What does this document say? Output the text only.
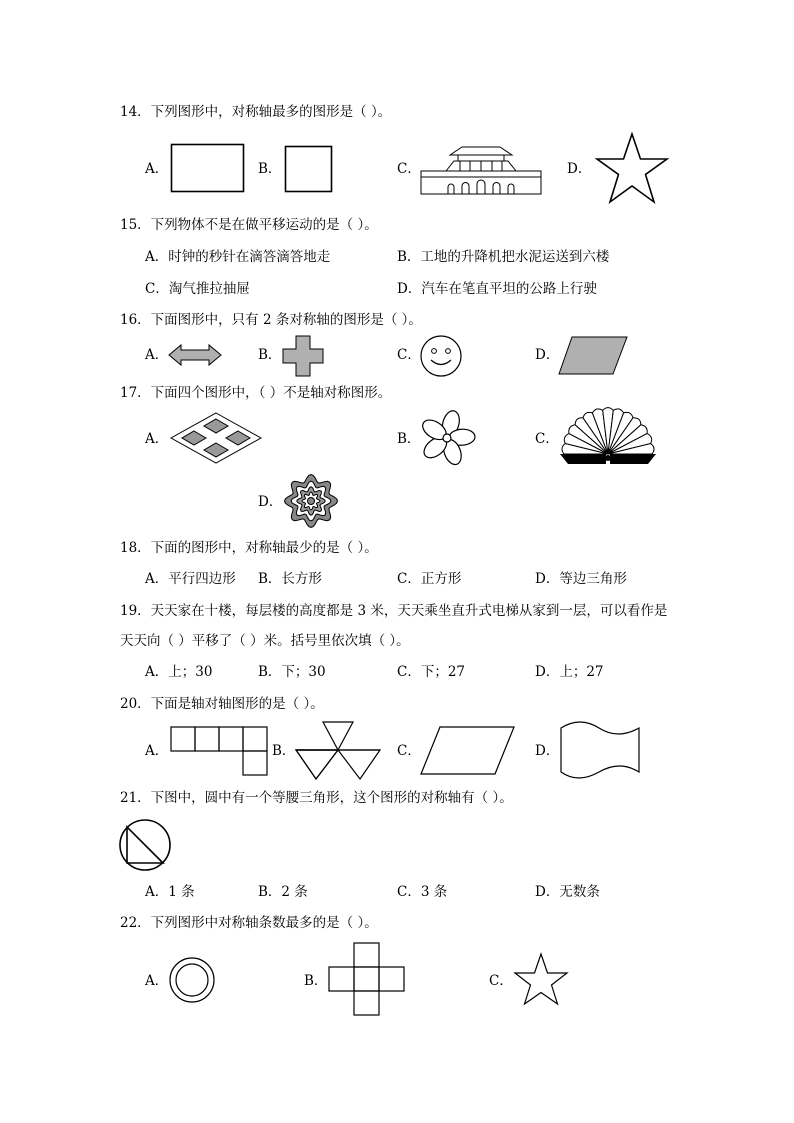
14．下列图形中，对称轴最多的图形是（ ）。
A．	B．	C．	D．
15．下列物体不是在做平移运动的是（ ）。
A．时钟的秒针在滴答滴答地走	B．工地的升降机把水泥运送到六楼
C．淘气推拉抽屉	D．汽车在笔直平坦的公路上行驶
16．下面图形中，只有 2 条对称轴的图形是（ ）。
A．	B．	C．	D．
17．下面四个图形中，（ ）不是轴对称图形。
A．	B．	C．
D．
18．下面的图形中，对称轴最少的是（ ）。
A．平行四边形 B．长方形	C．正方形	D．等边三角形
19．天天家在十楼，每层楼的高度都是 3 米，天天乘坐直升式电梯从家到一层，可以看作是
天天向（ ）平移了（ ）米。括号里依次填（ ）。
A．上；30	B．下；30	C．下；27	D．上；27
20．下面是轴对轴图形的是（ ）。
A．	B．	C．	D．
21．下图中，圆中有一个等腰三角形，这个图形的对称轴有（ ）。
A．1 条	B．2 条	C．3 条	D．无数条
22．下列图形中对称轴条数最多的是（ ）。
A．	B．	C．
